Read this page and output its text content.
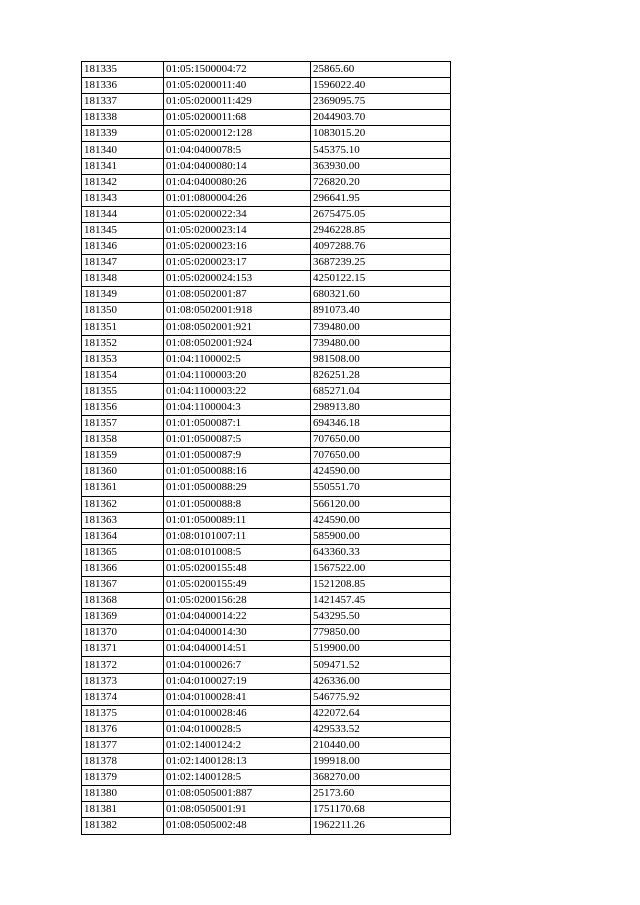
181335	01:05:1500004:72	25865.60
181336	01:05:0200011:40	1596022.40
181337	01:05:0200011:429	2369095.75
181338	01:05:0200011:68	2044903.70
181339	01:05:0200012:128	1083015.20
181340	01:04:0400078:5	545375.10
181341	01:04:0400080:14	363930.00
181342	01:04:0400080:26	726820.20
181343	01:01:0800004:26	296641.95
181344	01:05:0200022:34	2675475.05
181345	01:05:0200023:14	2946228.85
181346	01:05:0200023:16	4097288.76
181347	01:05:0200023:17	3687239.25
181348	01:05:0200024:153	4250122.15
181349	01:08:0502001:87	680321.60
181350	01:08:0502001:918	891073.40
181351	01:08:0502001:921	739480.00
181352	01:08:0502001:924	739480.00
181353	01:04:1100002:5	981508.00
181354	01:04:1100003:20	826251.28
181355	01:04:1100003:22	685271.04
181356	01:04:1100004:3	298913.80
181357	01:01:0500087:1	694346.18
181358	01:01:0500087:5	707650.00
181359	01:01:0500087:9	707650.00
181360	01:01:0500088:16	424590.00
181361	01:01:0500088:29	550551.70
181362	01:01:0500088:8	566120.00
181363	01:01:0500089:11	424590.00
181364	01:08:0101007:11	585900.00
181365	01:08:0101008:5	643360.33
181366	01:05:0200155:48	1567522.00
181367	01:05:0200155:49	1521208.85
181368	01:05:0200156:28	1421457.45
181369	01:04:0400014:22	543295.50
181370	01:04:0400014:30	779850.00
181371	01:04:0400014:51	519900.00
181372	01:04:0100026:7	509471.52
181373	01:04:0100027:19	426336.00
181374	01:04:0100028:41	546775.92
181375	01:04:0100028:46	422072.64
181376	01:04:0100028:5	429533.52
181377	01:02:1400124:2	210440.00
181378	01:02:1400128:13	199918.00
181379	01:02:1400128:5	368270.00
181380	01:08:0505001:887	25173.60
181381	01:08:0505001:91	1751170.68
181382	01:08:0505002:48	1962211.26
